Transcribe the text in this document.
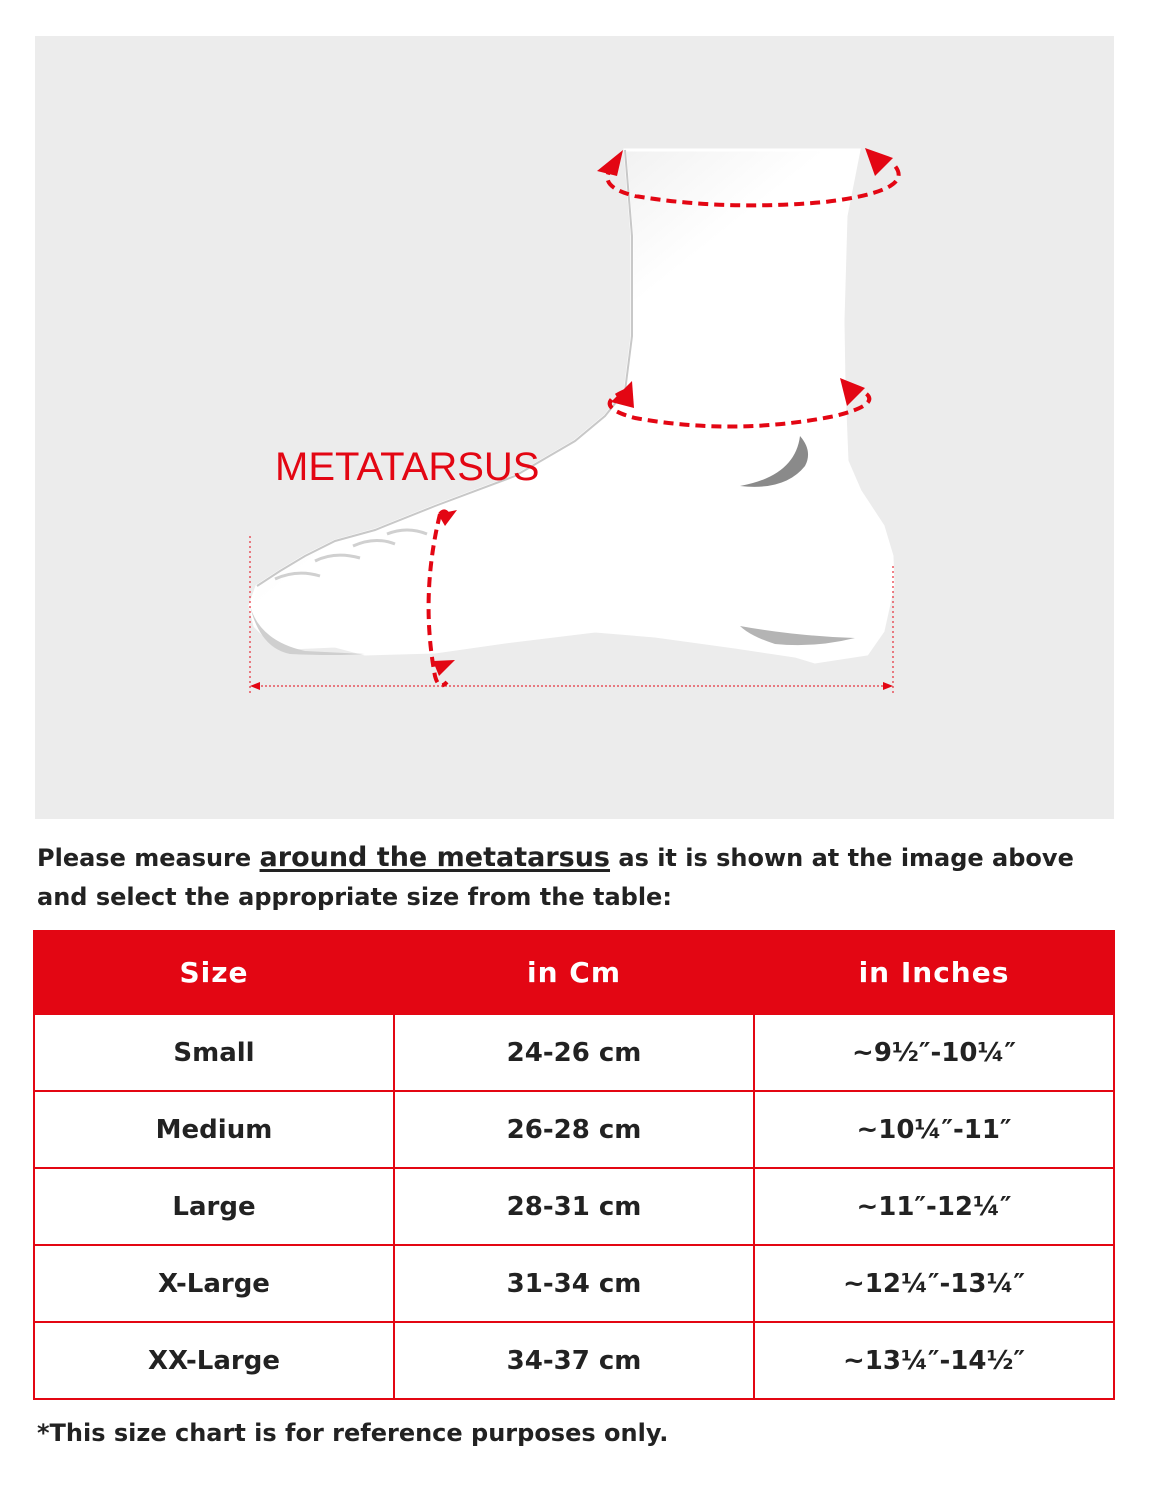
METATARSUS
Please measure around the metatarsus as it is shown at the image above and select the appropriate size from the table:
Size	in Cm	in Inches
Small	24-26 cm	~9½″-10¼″
Medium	26-28 cm	~10¼″-11″
Large	28-31 cm	~11″-12¼″
X-Large	31-34 cm	~12¼″-13¼″
XX-Large	34-37 cm	~13¼″-14½″
*This size chart is for reference purposes only.
